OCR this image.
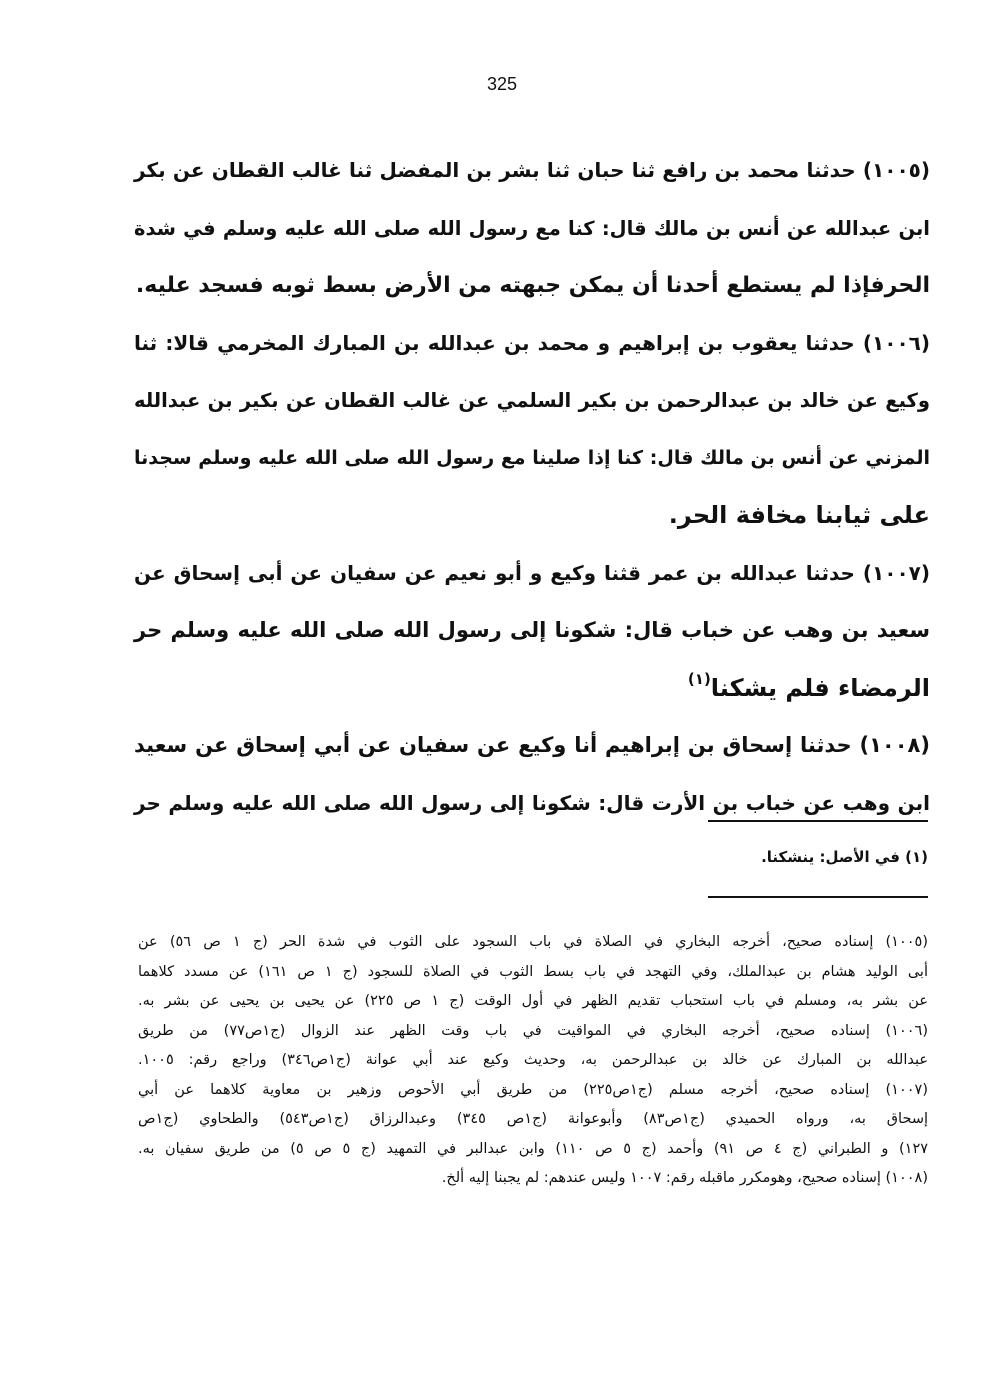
325
(١٠٠٥) حدثنا محمد بن رافع ثنا حبان ثنا بشر بن المفضل ثنا غالب القطان عن بكر
ابن عبدالله عن أنس بن مالك قال: كنا مع رسول الله صلى الله عليه وسلم في شدة
الحرفإذا لم يستطع أحدنا أن يمكن جبهته من الأرض بسط ثوبه فسجد عليه.
(١٠٠٦) حدثنا يعقوب بن إبراهيم و محمد بن عبدالله بن المبارك المخرمي قالا: ثنا
وكيع عن خالد بن عبدالرحمن بن بكير السلمي عن غالب القطان عن بكير بن عبدالله
المزني عن أنس بن مالك قال: كنا إذا صلينا مع رسول الله صلى الله عليه وسلم سجدنا
على ثيابنا مخافة الحر.
(١٠٠٧) حدثنا عبدالله بن عمر قثنا وكيع و أبو نعيم عن سفيان عن أبى إسحاق عن
سعيد بن وهب عن خباب قال: شكونا إلى رسول الله صلى الله عليه وسلم حر
الرمضاء فلم يشكنا$^{(١)}$
(١٠٠٨) حدثنا إسحاق بن إبراهيم أنا وكيع عن سفيان عن أبي إسحاق عن سعيد
ابن وهب عن خباب بن الأرت قال: شكونا إلى رسول الله صلى الله عليه وسلم حر
(١) في الأصل: ينشكنا.
(١٠٠٥) إسناده صحيح، أخرجه البخاري في الصلاة في باب السجود على الثوب في شدة الحر (ج ١ ص ٥٦) عن
أبى الوليد هشام بن عبدالملك، وفي التهجد في باب بسط الثوب في الصلاة للسجود (ج ١ ص ١٦١) عن مسدد كلاهما
عن بشر به، ومسلم في باب استحباب تقديم الظهر في أول الوقت (ج ١ ص ٢٢٥) عن يحيى بن يحيى عن بشر به.
(١٠٠٦) إسناده صحيح، أخرجه البخاري في المواقيت في باب وقت الظهر عند الزوال (ج١ص٧٧) من طريق
عبدالله بن المبارك عن خالد بن عبدالرحمن به، وحديث وكيع عند أبي عوانة (ج١ص٣٤٦) وراجع رقم: ١٠٠٥.
(١٠٠٧) إسناده صحيح، أخرجه مسلم (ج١ص٢٢٥) من طريق أبي الأحوص وزهير بن معاوية كلاهما عن أبي
إسحاق به، ورواه الحميدي (ج١ص٨٣) وأبوعوانة (ج١ص ٣٤٥) وعبدالرزاق (ج١ص٥٤٣) والطحاوي (ج١ص
١٢٧) و الطبراني (ج ٤ ص ٩١) وأحمد (ج ٥ ص ١١٠) وابن عبدالبر في التمهيد (ج ٥ ص ٥) من طريق سفيان به.
(١٠٠٨) إسناده صحيح، وهومكرر ماقبله رقم: ١٠٠٧ وليس عندهم: لم يجبنا إليه ألخ.
